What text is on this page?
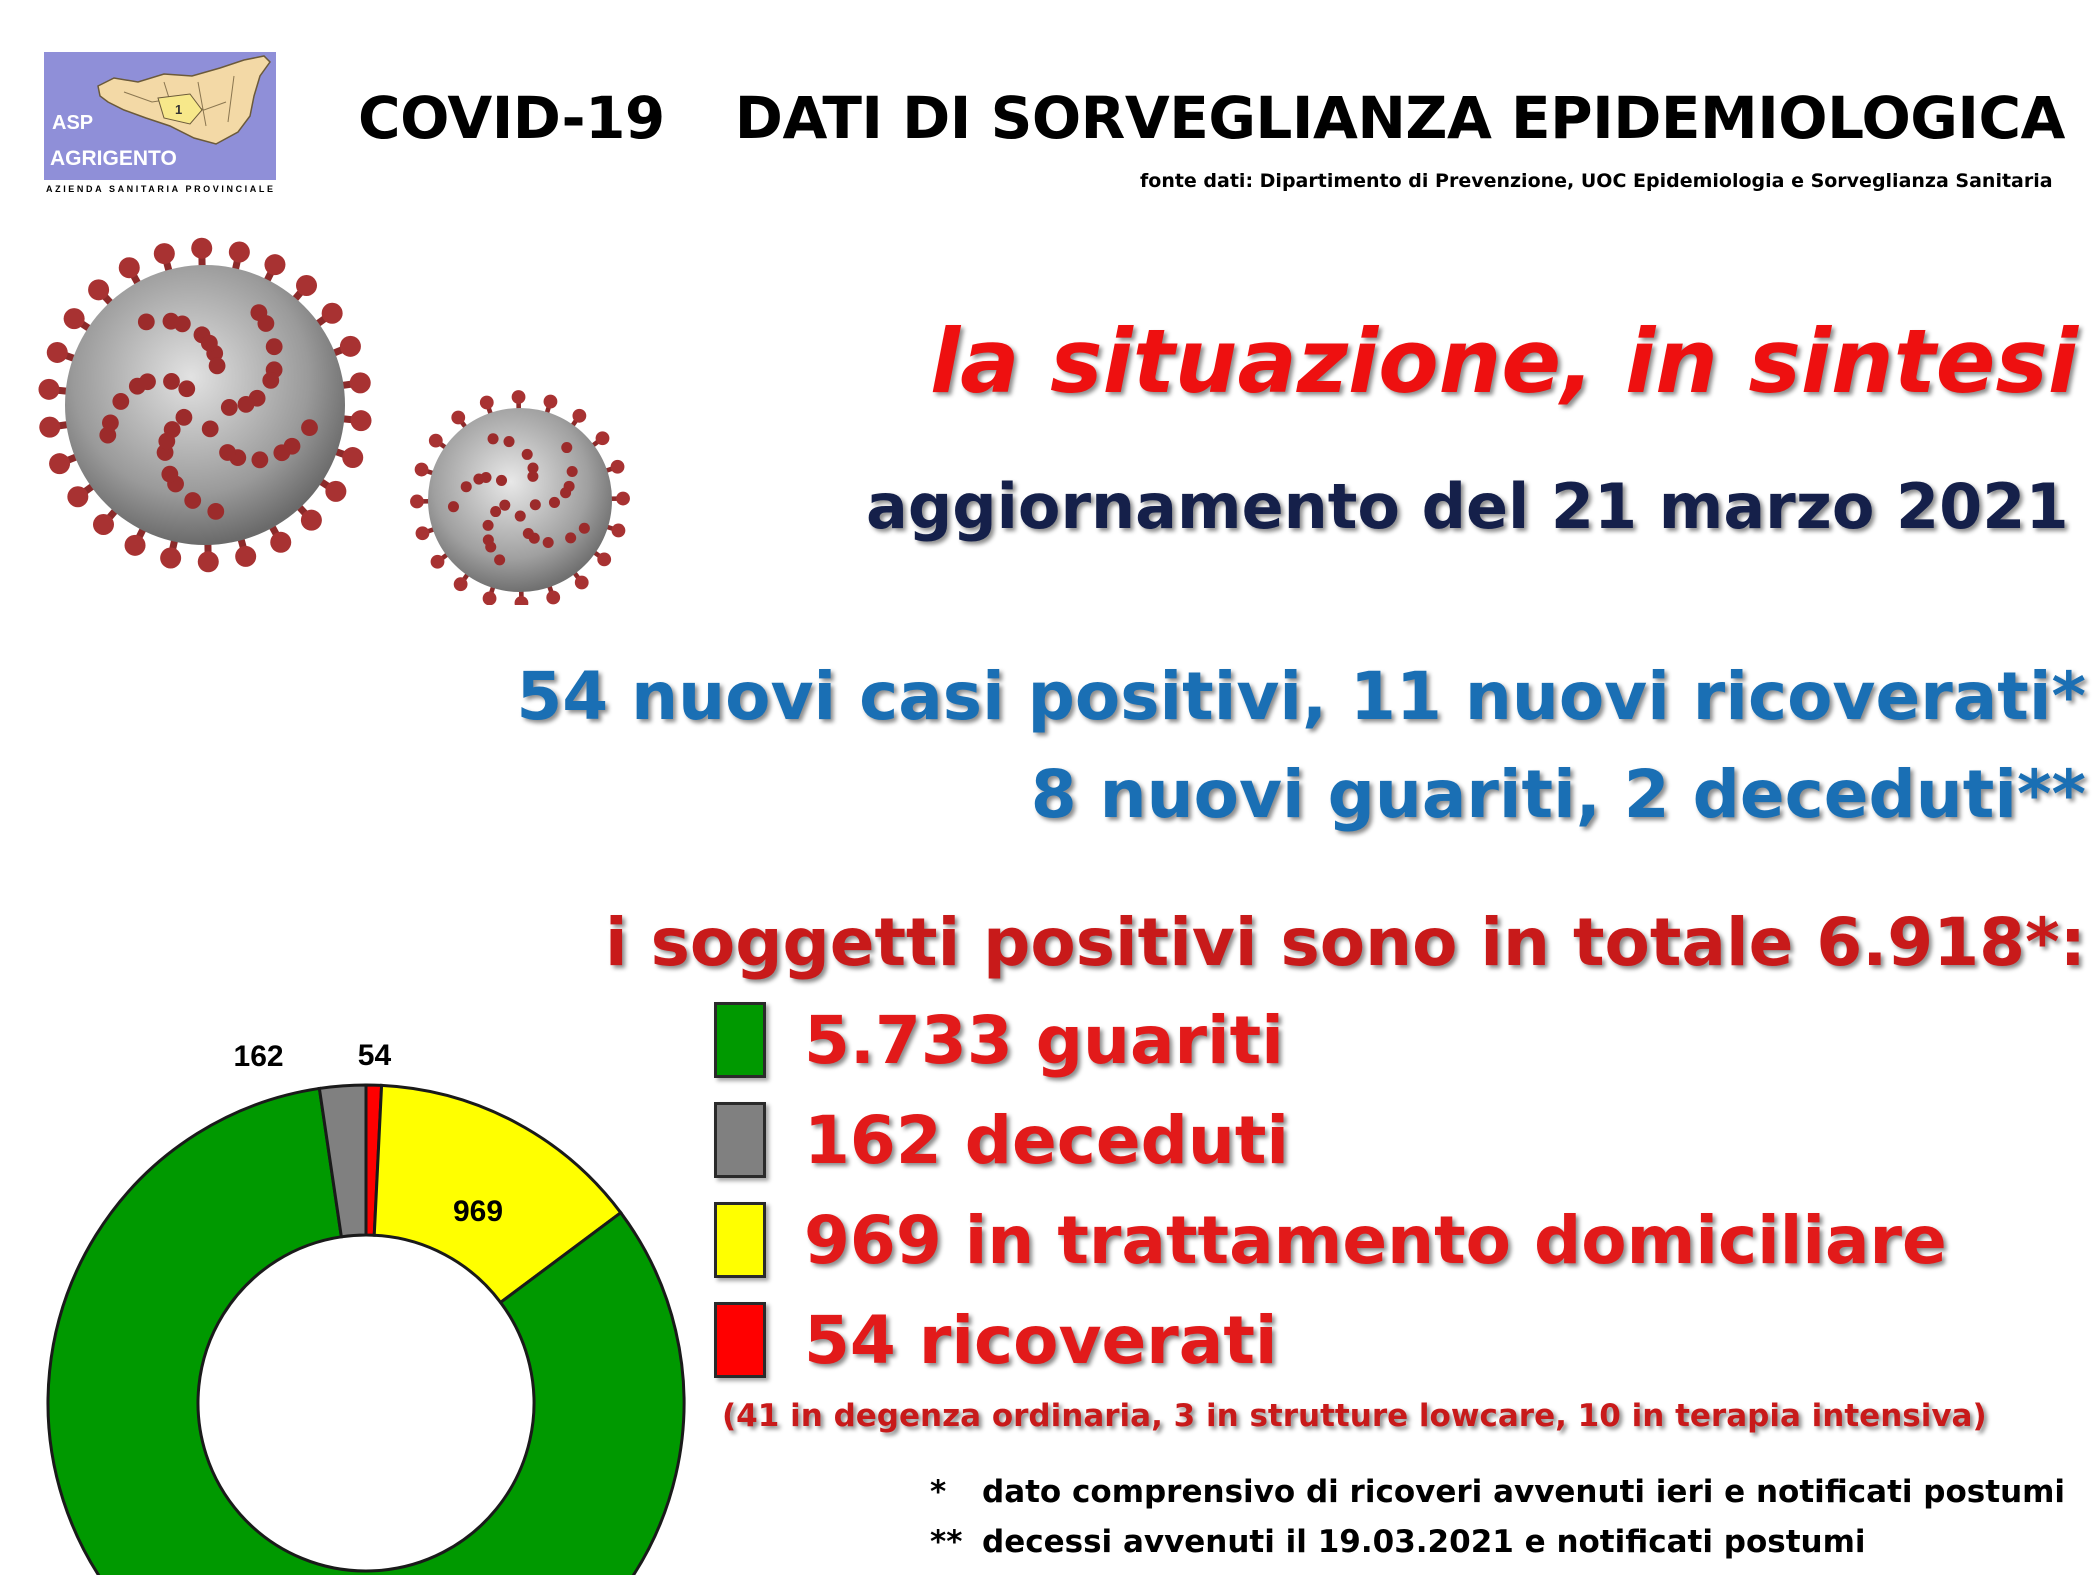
1
ASP
AGRIGENTO
AZIENDA SANITARIA PROVINCIALE
COVID-19 DATI DI SORVEGLIANZA EPIDEMIOLOGICA
fonte dati: Dipartimento di Prevenzione, UOC Epidemiologia e Sorveglianza Sanitaria
la situazione, in sintesi
aggiornamento del 21 marzo 2021
54 nuovi casi positivi, 11 nuovi ricoverati*
8 nuovi guariti, 2 deceduti**
i soggetti positivi sono in totale 6.918*:
5.733 guariti
162 deceduti
969 in trattamento domiciliare
54 ricoverati
(41 in degenza ordinaria, 3 in strutture lowcare, 10 in terapia intensiva)
* dato comprensivo di ricoveri avvenuti ieri e notificati postumi
** decessi avvenuti il 19.03.2021 e notificati postumi
54
969
162
